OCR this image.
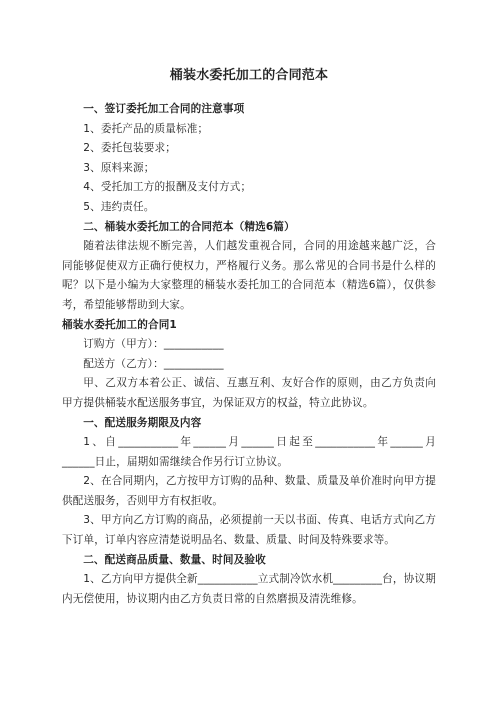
桶装水委托加工的合同范本

一、签订委托加工合同的注意事项

1、委托产品的质量标准；

2、委托包装要求；

3、原料来源；

4、受托加工方的报酬及支付方式；

5、违约责任。

二、桶装水委托加工的合同范本（精选6篇）

随着法律法规不断完善，人们越发重视合同，合同的用途越来越广泛，合同能够促使双方正确行使权力，严格履行义务。那么常见的合同书是什么样的呢？以下是小编为大家整理的桶装水委托加工的合同范本（精选6篇），仅供参考，希望能够帮助到大家。

桶装水委托加工的合同1

订购方（甲方）：___________

配送方（乙方）：___________

甲、乙双方本着公正、诚信、互惠互利、友好合作的原则，由乙方负责向甲方提供桶装水配送服务事宜，为保证双方的权益，特立此协议。

一、配送服务期限及内容

1、自___________年______月______日起至___________年______月______日止，届期如需继续合作另行订立协议。

2、在合同期内，乙方按甲方订购的品种、数量、质量及单价准时向甲方提供配送服务，否则甲方有权拒收。

3、甲方向乙方订购的商品，必须提前一天以书面、传真、电话方式向乙方下订单，订单内容应清楚说明品名、数量、质量、时间及特殊要求等。

二、配送商品质量、数量、时间及验收

1、乙方向甲方提供全新___________立式制冷饮水机_________台，协议期内无偿使用，协议期内由乙方负责日常的自然磨损及清洗维修。
